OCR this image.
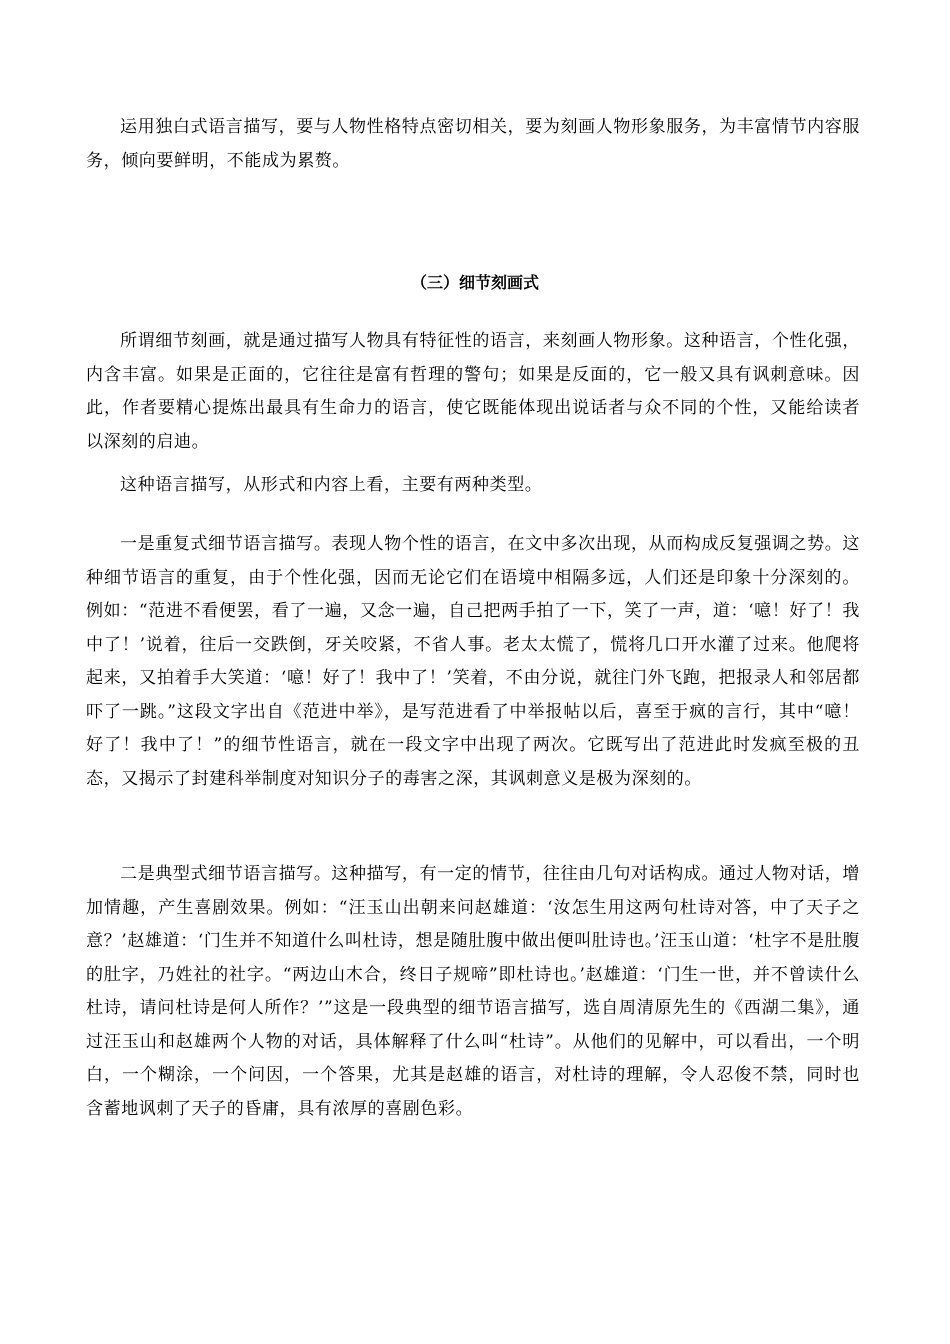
运用独白式语言描写，要与人物性格特点密切相关，要为刻画人物形象服务，为丰富情节内容服务，倾向要鲜明，不能成为累赘。

（三）细节刻画式

所谓细节刻画，就是通过描写人物具有特征性的语言，来刻画人物形象。这种语言，个性化强，内含丰富。如果是正面的，它往往是富有哲理的警句；如果是反面的，它一般又具有讽刺意味。因此，作者要精心提炼出最具有生命力的语言，使它既能体现出说话者与众不同的个性，又能给读者以深刻的启迪。

这种语言描写，从形式和内容上看，主要有两种类型。

一是重复式细节语言描写。表现人物个性的语言，在文中多次出现，从而构成反复强调之势。这种细节语言的重复，由于个性化强，因而无论它们在语境中相隔多远，人们还是印象十分深刻的。例如：“范进不看便罢，看了一遍，又念一遍，自己把两手拍了一下，笑了一声，道：‘噫！好了！我中了！’说着，往后一交跌倒，牙关咬紧，不省人事。老太太慌了，慌将几口开水灌了过来。他爬将起来，又拍着手大笑道：‘噫！好了！我中了！’笑着，不由分说，就往门外飞跑，把报录人和邻居都吓了一跳。”这段文字出自《范进中举》，是写范进看了中举报帖以后，喜至于疯的言行，其中“噫！好了！我中了！”的细节性语言，就在一段文字中出现了两次。它既写出了范进此时发疯至极的丑态，又揭示了封建科举制度对知识分子的毒害之深，其讽刺意义是极为深刻的。

二是典型式细节语言描写。这种描写，有一定的情节，往往由几句对话构成。通过人物对话，增加情趣，产生喜剧效果。例如：“汪玉山出朝来问赵雄道：‘汝怎生用这两句杜诗对答，中了天子之意？’赵雄道：‘门生并不知道什么叫杜诗，想是随肚腹中做出便叫肚诗也。’汪玉山道：‘杜字不是肚腹的肚字，乃姓社的社字。“两边山木合，终日子规啼”即杜诗也。’赵雄道：‘门生一世，并不曾读什么杜诗，请问杜诗是何人所作？’”这是一段典型的细节语言描写，选自周清原先生的《西湖二集》，通过汪玉山和赵雄两个人物的对话，具体解释了什么叫“杜诗”。从他们的见解中，可以看出，一个明白，一个糊涂，一个问因，一个答果，尤其是赵雄的语言，对杜诗的理解，令人忍俊不禁，同时也含蓄地讽刺了天子的昏庸，具有浓厚的喜剧色彩。
